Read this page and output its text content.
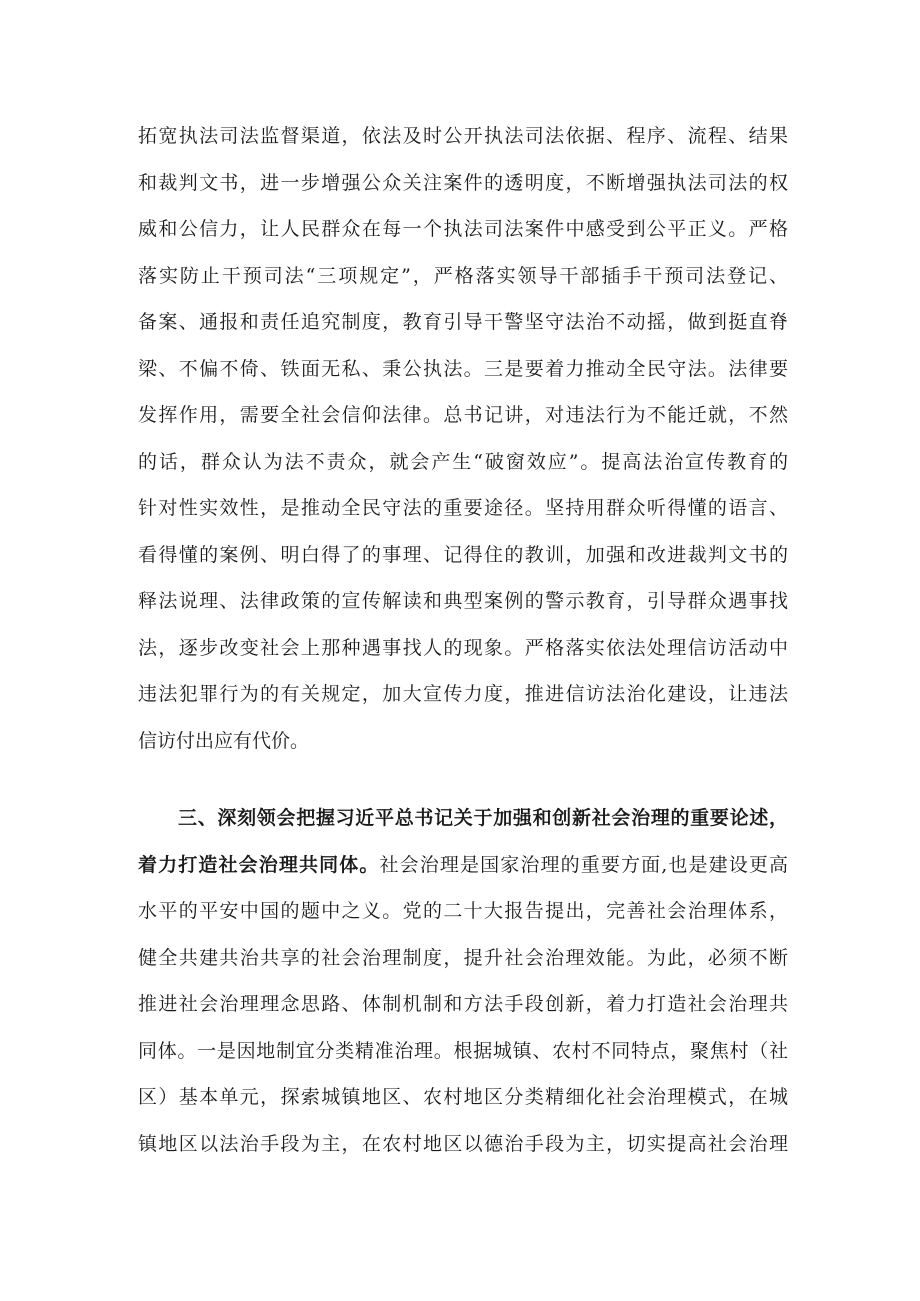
拓宽执法司法监督渠道，依法及时公开执法司法依据、程序、流程、结果
和裁判文书，进一步增强公众关注案件的透明度，不断增强执法司法的权
威和公信力，让人民群众在每一个执法司法案件中感受到公平正义。严格
落实防止干预司法“三项规定”，严格落实领导干部插手干预司法登记、
备案、通报和责任追究制度，教育引导干警坚守法治不动摇，做到挺直脊
梁、不偏不倚、铁面无私、秉公执法。三是要着力推动全民守法。法律要
发挥作用，需要全社会信仰法律。总书记讲，对违法行为不能迁就，不然
的话，群众认为法不责众，就会产生“破窗效应”。提高法治宣传教育的
针对性实效性，是推动全民守法的重要途径。坚持用群众听得懂的语言、
看得懂的案例、明白得了的事理、记得住的教训，加强和改进裁判文书的
释法说理、法律政策的宣传解读和典型案例的警示教育，引导群众遇事找
法，逐步改变社会上那种遇事找人的现象。严格落实依法处理信访活动中
违法犯罪行为的有关规定，加大宣传力度，推进信访法治化建设，让违法
信访付出应有代价。
三、深刻领会把握习近平总书记关于加强和创新社会治理的重要论述，
着力打造社会治理共同体。社会治理是国家治理的重要方面,也是建设更高
水平的平安中国的题中之义。党的二十大报告提出，完善社会治理体系，
健全共建共治共享的社会治理制度，提升社会治理效能。为此，必须不断
推进社会治理理念思路、体制机制和方法手段创新，着力打造社会治理共
同体。一是因地制宜分类精准治理。根据城镇、农村不同特点，聚焦村（社
区）基本单元，探索城镇地区、农村地区分类精细化社会治理模式，在城
镇地区以法治手段为主，在农村地区以德治手段为主，切实提高社会治理
